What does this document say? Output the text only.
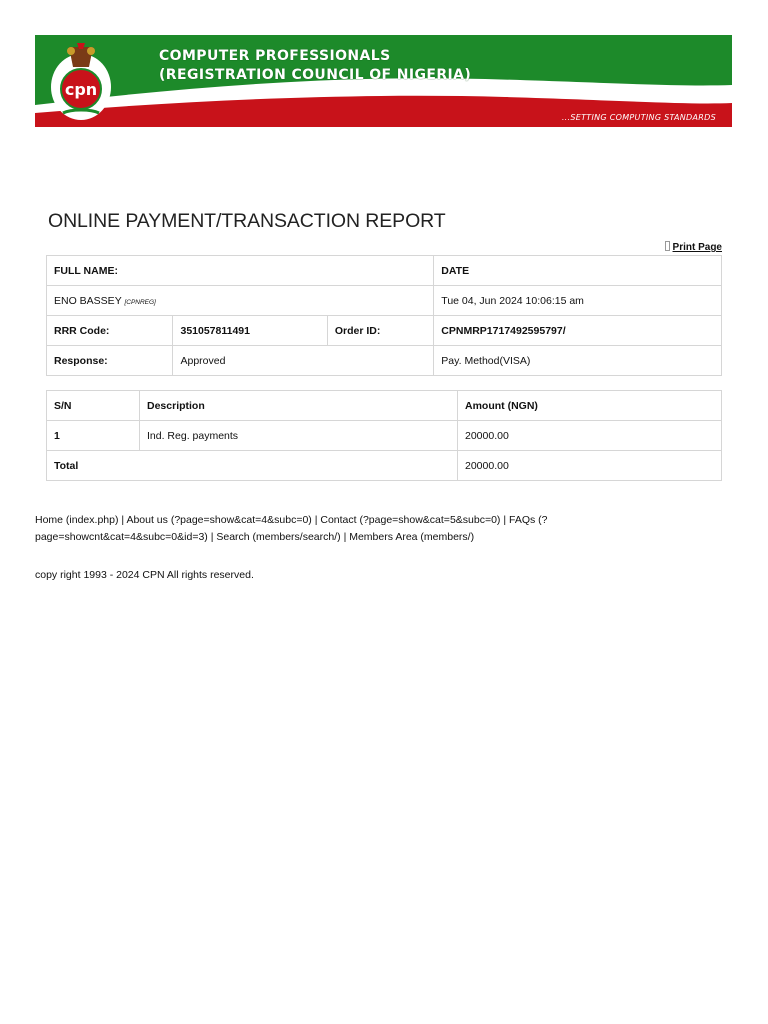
cpn
COMPUTER PROFESSIONALS
(REGISTRATION COUNCIL OF NIGERIA)
...SETTING COMPUTING STANDARDS
ONLINE PAYMENT/TRANSACTION REPORT
Print Page
FULL NAME:			DATE
ENO BASSEY [CPNREG]			Tue 04, Jun 2024 10:06:15 am
RRR Code:	351057811491	Order ID:	CPNMRP1717492595797/
Response:	Approved		Pay. Method(VISA)
S/N	Description	Amount (NGN)
1	Ind. Reg. payments	20000.00
Total		20000.00
Home (index.php) | About us (?page=show&cat=4&subc=0) | Contact (?page=show&cat=5&subc=0) | FAQs (?page=showcnt&cat=4&subc=0&id=3) | Search (members/search/) | Members Area (members/)
copy right 1993 - 2024 CPN All rights reserved.
